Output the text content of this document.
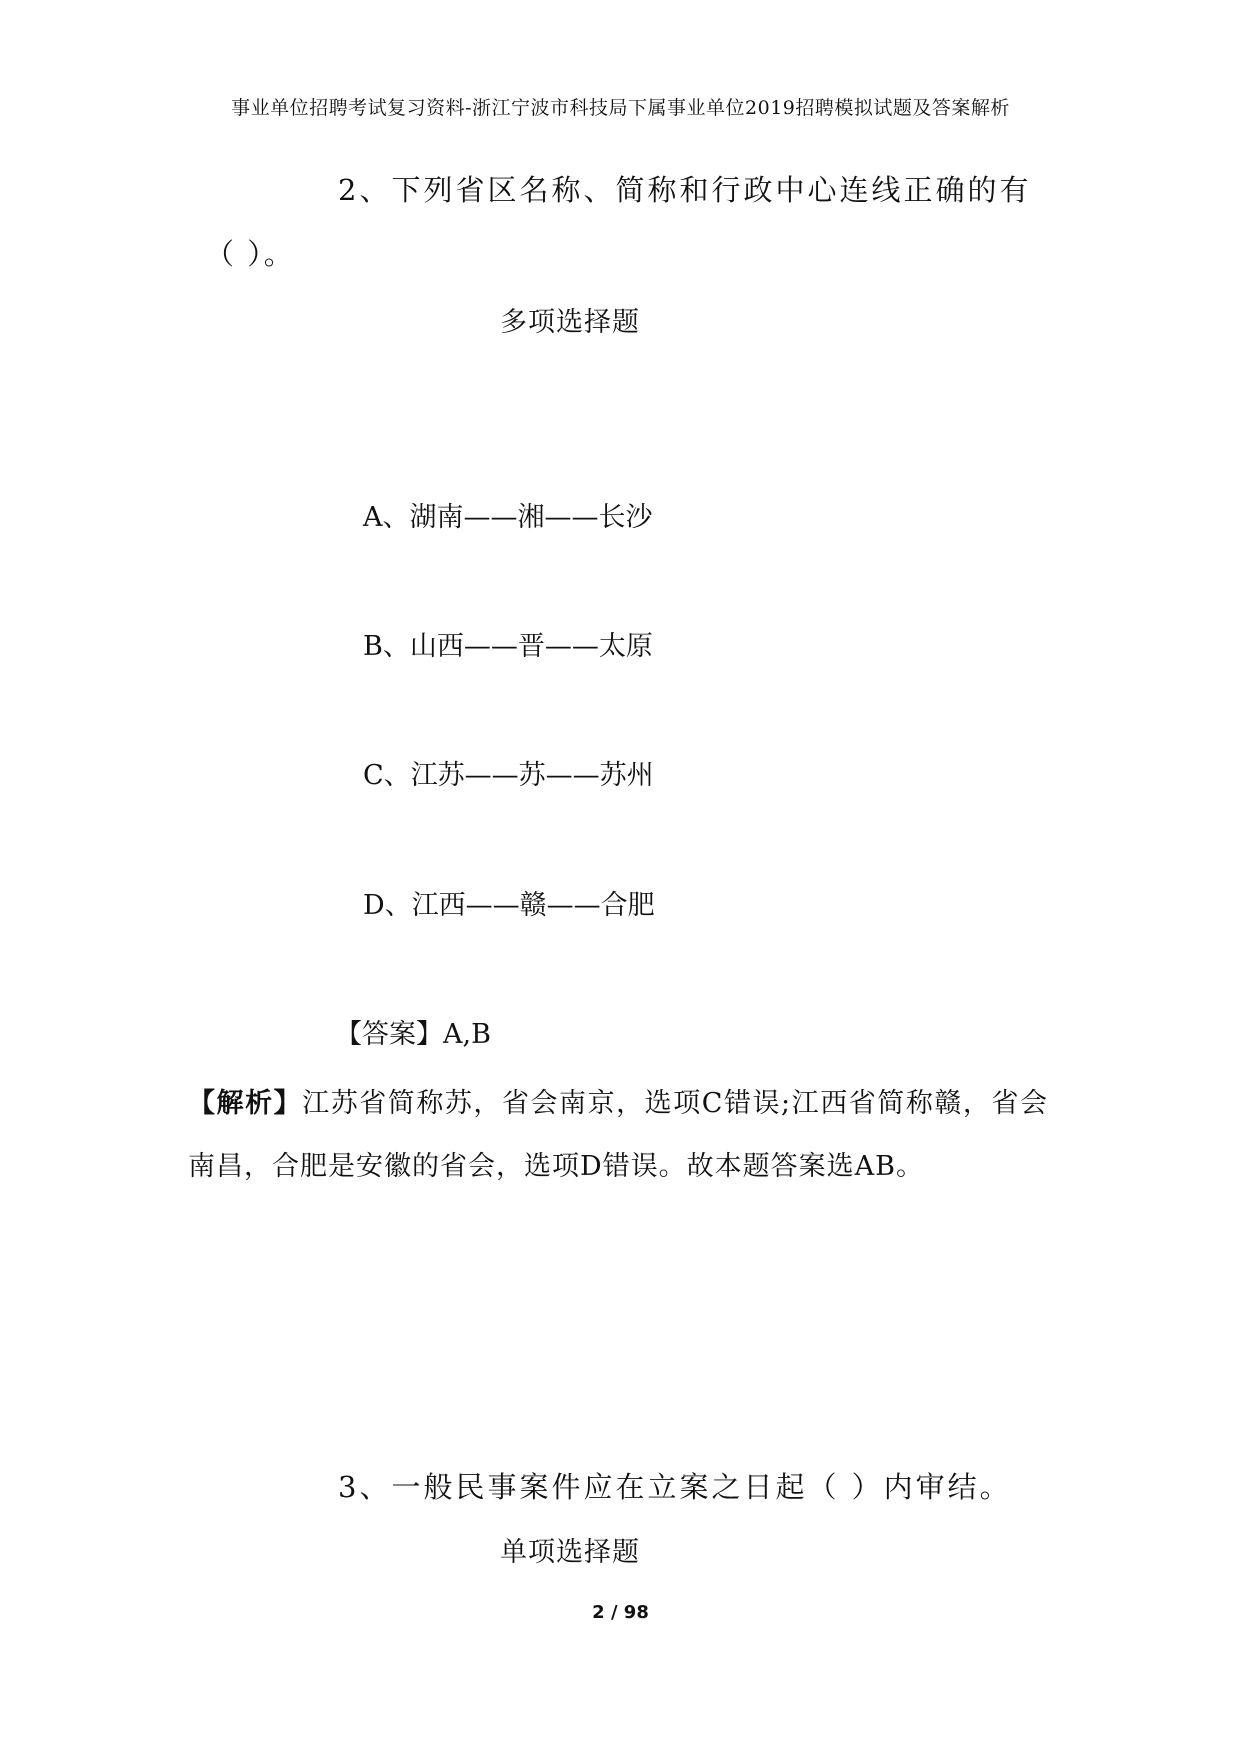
事业单位招聘考试复习资料-浙江宁波市科技局下属事业单位2019招聘模拟试题及答案解析
2、下列省区名称、简称和行政中心连线正确的有
（ ）。
多项选择题
A、湖南——湘——长沙
B、山西——晋——太原
C、江苏——苏——苏州
D、江西——赣——合肥
【答案】A,B
【解析】江苏省简称苏，省会南京，选项C错误;江西省简称赣，省会南昌，合肥是安徽的省会，选项D错误。故本题答案选AB。
3、一般民事案件应在立案之日起（ ）内审结。
单项选择题
2 / 98
